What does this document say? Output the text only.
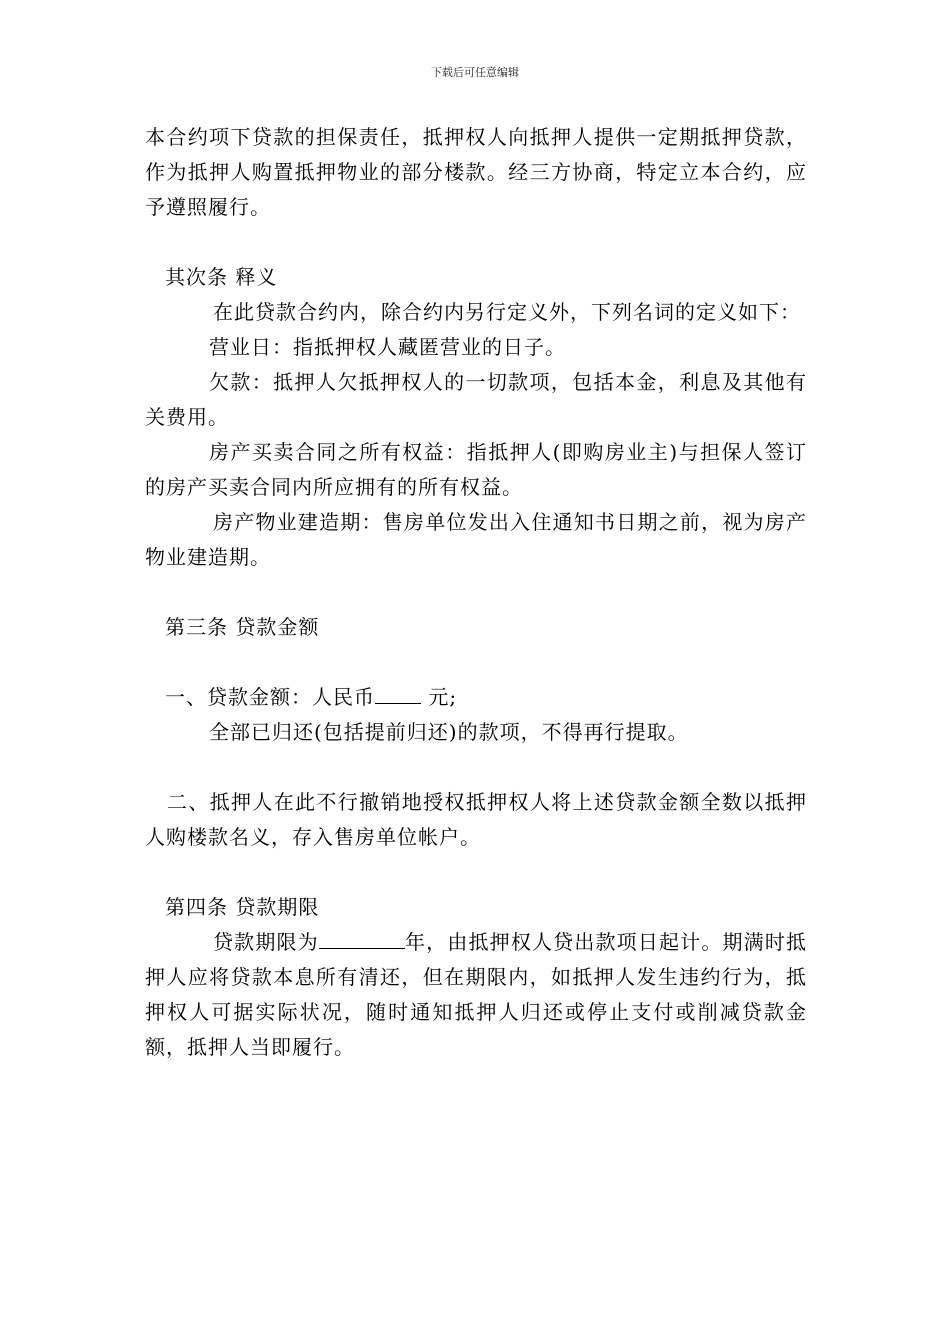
下载后可任意编辑

本合约项下贷款的担保责任，抵押权人向抵押人提供一定期抵押贷款，作为抵押人购置抵押物业的部分楼款。经三方协商，特定立本合约，应予遵照履行。

其次条 释义

在此贷款合约内，除合约内另行定义外，下列名词的定义如下：

营业日：指抵押权人藏匿营业的日子。

欠款：抵押人欠抵押权人的一切款项，包括本金，利息及其他有关费用。

房产买卖合同之所有权益：指抵押人(即购房业主)与担保人签订的房产买卖合同内所应拥有的所有权益。

房产物业建造期：售房单位发出入住通知书日期之前，视为房产物业建造期。

第三条 贷款金额

一、贷款金额：人民币 元;

全部已归还(包括提前归还)的款项，不得再行提取。

二、抵押人在此不行撤销地授权抵押权人将上述贷款金额全数以抵押人购楼款名义，存入售房单位帐户。

第四条 贷款期限

贷款期限为	年，由抵押权人贷出款项日起计。期满时抵押人应将贷款本息所有清还，但在期限内，如抵押人发生违约行为，抵押权人可据实际状况，随时通知抵押人归还或停止支付或削减贷款金额，抵押人当即履行。
